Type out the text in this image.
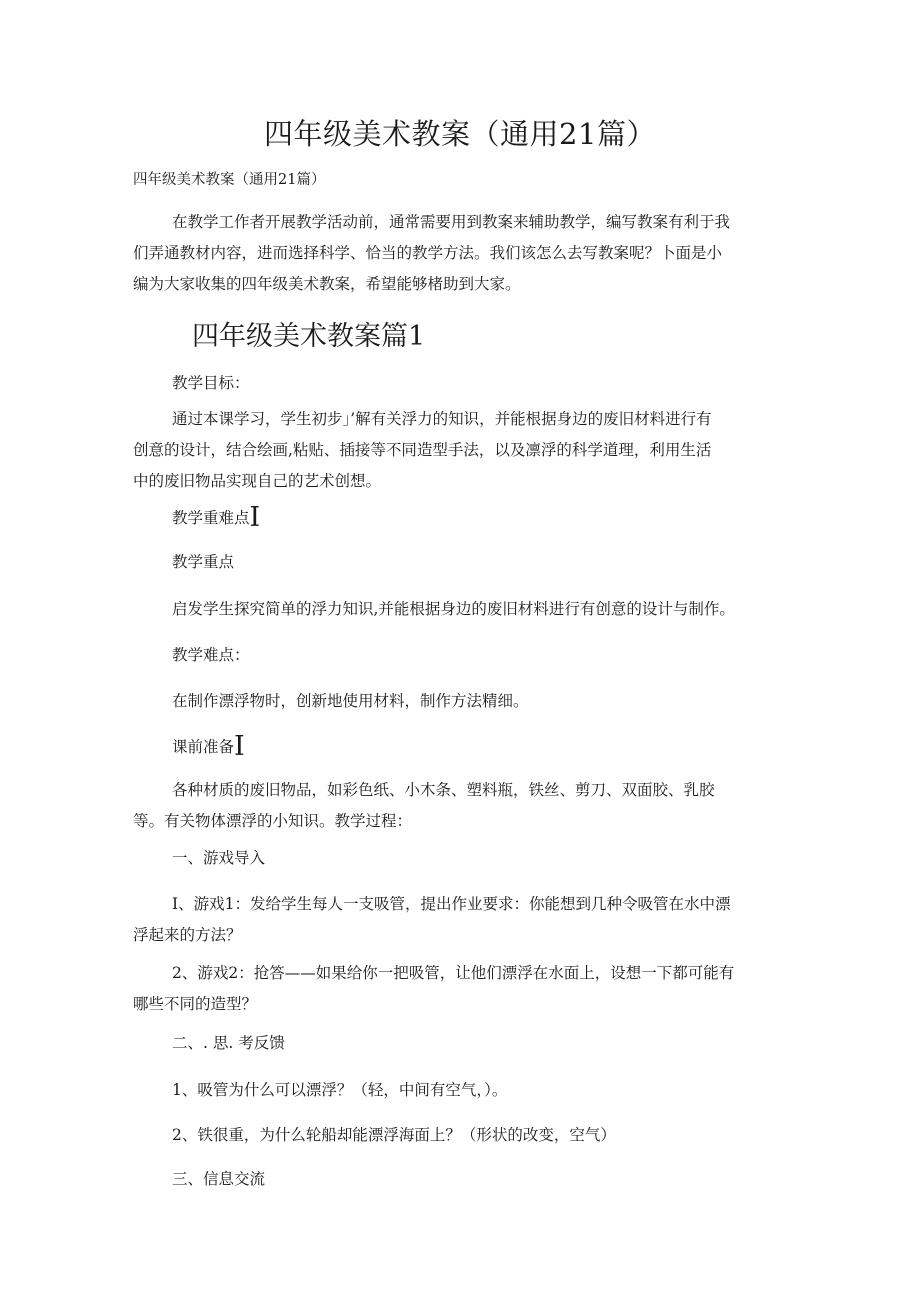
四年级美术教案（通用21篇）

四年级美术教案（通用21篇）

在教学工作者开展教学活动前，通常需要用到教案来辅助教学，编写教案有利于我
们弄通教材内容，进而选择科学、恰当的教学方法。我们该怎么去写教案呢？卜面是小
编为大家收集的四年级美术教案，希望能够楮助到大家。

四年级美术教案篇1

教学目标：

通过本课学习，学生初步」’解有关浮力的知识，并能根据身边的废旧材料进行有
创意的设计，结合绘画,粘贴、插接等不同造型手法，以及凛浮的科学道理，利用生活
中的废旧物品实现自己的艺术创想。

教学重难点I

教学重点

启发学生探究简单的浮力知识,并能根据身边的废旧材料进行有创意的设计与制作。

教学难点：

在制作漂浮物时，创新地使用材料，制作方法精细。

课前准备I

各种材质的废旧物品，如彩色纸、小木条、塑料瓶，铁丝、剪刀、双面胶、乳胶
等。有关物体漂浮的小知识。教学过程：

一、游戏导入

I、游戏1：发给学生每人一支吸管，提出作业要求：你能想到几种令吸管在水中漂
浮起来的方法？
2、游戏2：抢答——如果给你一把吸管，让他们漂浮在水面上，设想一下都可能有
哪些不同的造型？

二、. 思. 考反馈

1、吸管为什么可以漂浮？（轻，中间有空气，）。

2、铁很重，为什么轮船却能漂浮海面上？（形状的改变，空气）

三、信息交流
